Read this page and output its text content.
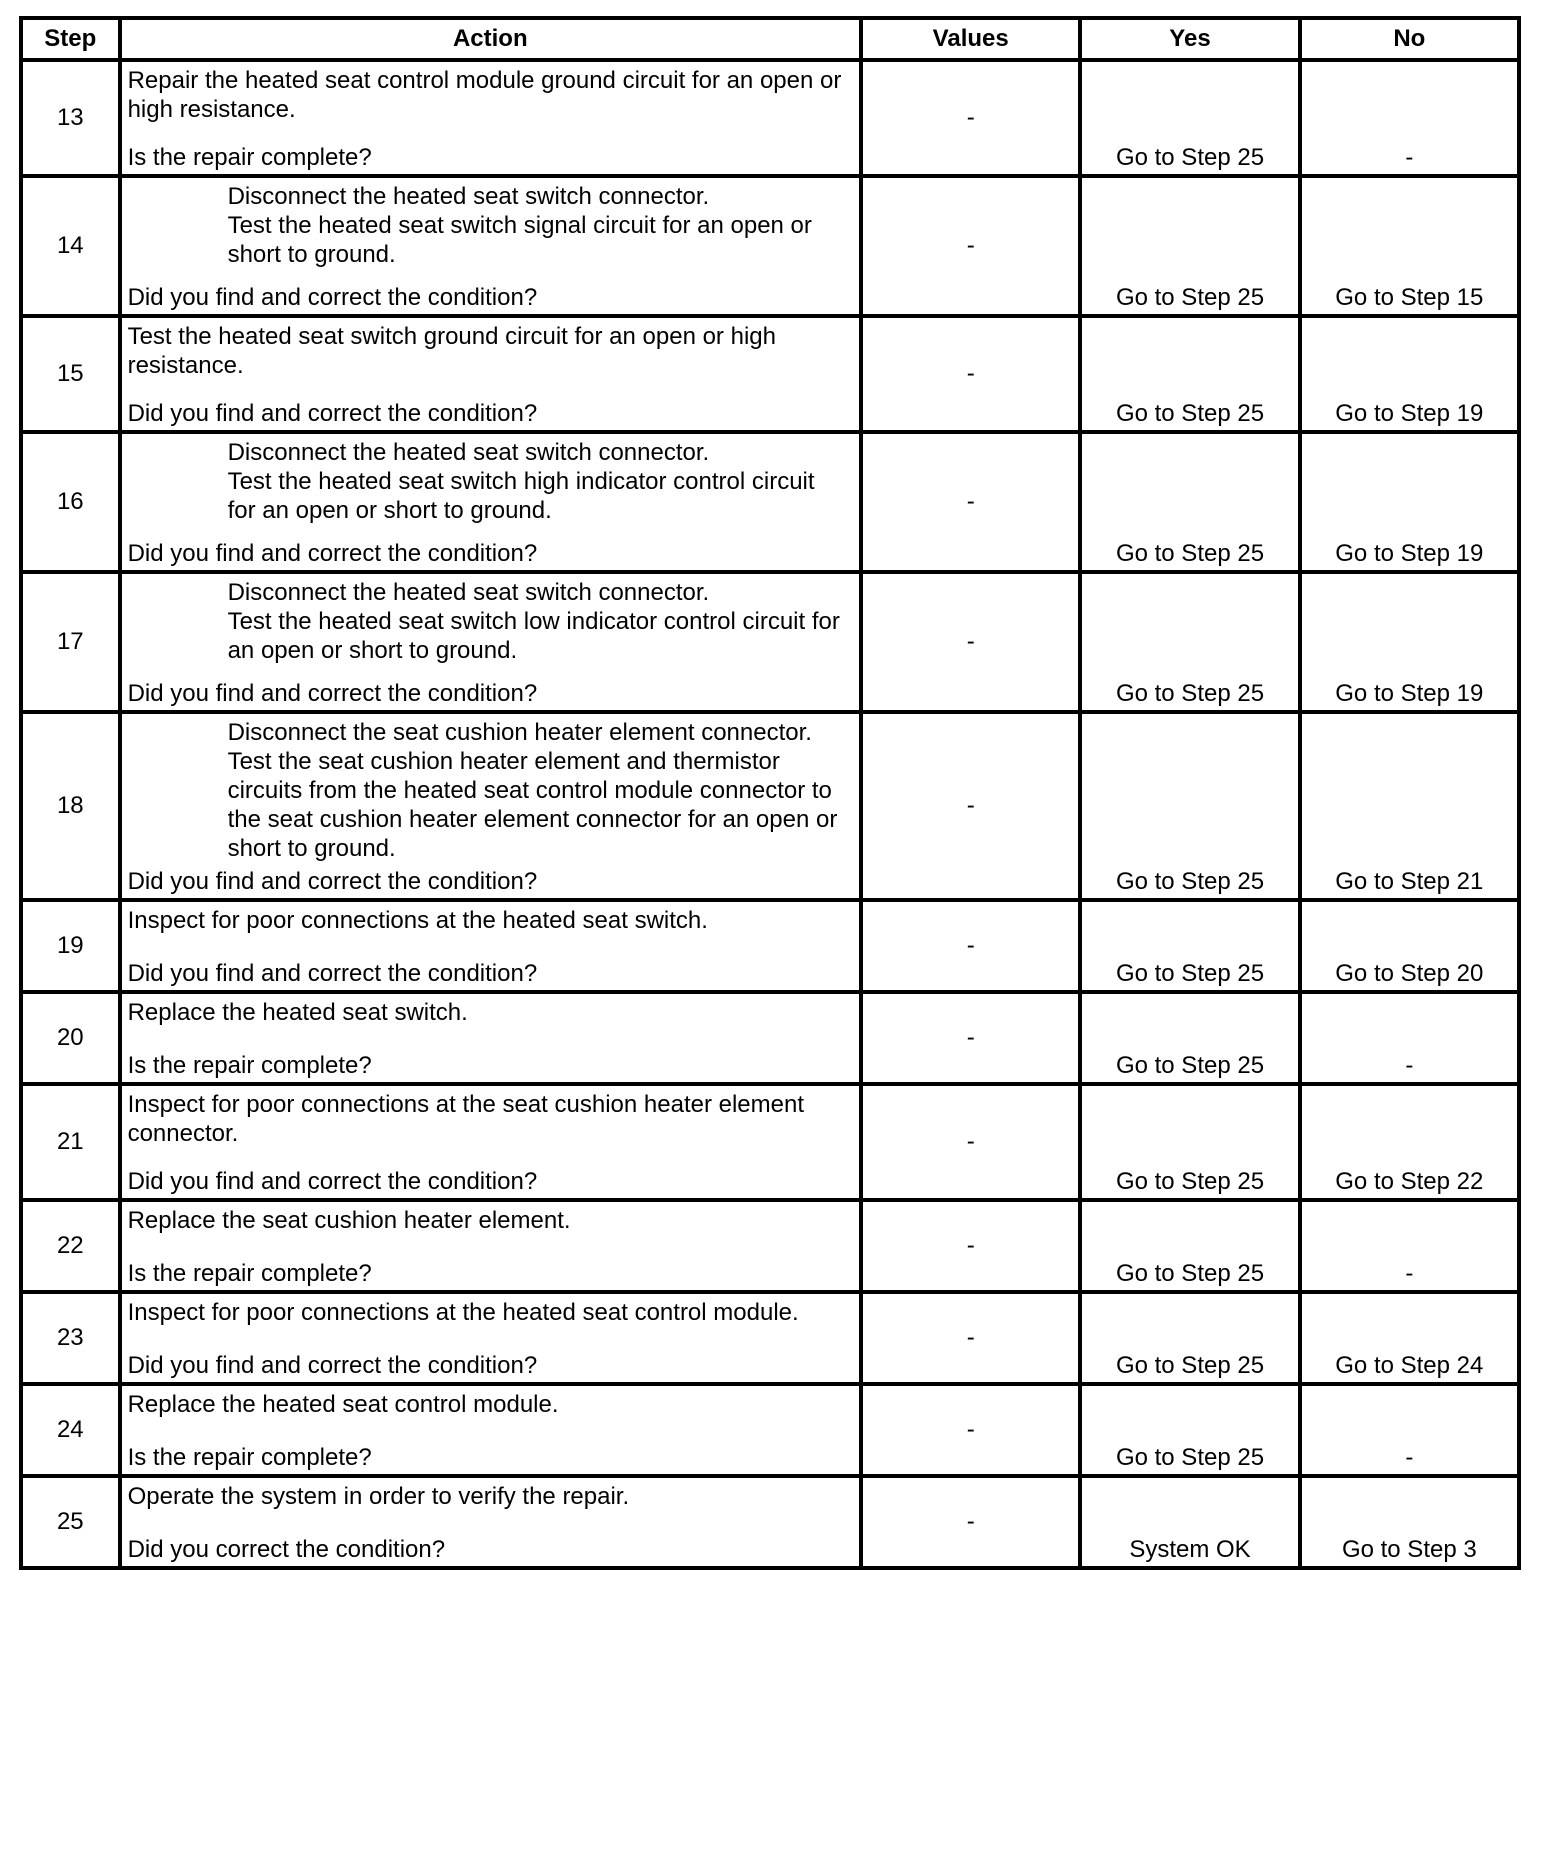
Step	Action	Values	Yes	No
13	Repair the heated seat control module ground circuit for an open or high resistance.
Is the repair complete?	-	Go to Step 25	-

14	Disconnect the heated seat switch connector.
Test the heated seat switch signal circuit for an open or short to ground.
Did you find and correct the condition?	-	Go to Step 25	Go to Step 15

15	Test the heated seat switch ground circuit for an open or high resistance.
Did you find and correct the condition?	-	Go to Step 25	Go to Step 19

16	Disconnect the heated seat switch connector.
Test the heated seat switch high indicator control circuit for an open or short to ground.
Did you find and correct the condition?	-	Go to Step 25	Go to Step 19

17	Disconnect the heated seat switch connector.
Test the heated seat switch low indicator control circuit for an open or short to ground.
Did you find and correct the condition?	-	Go to Step 25	Go to Step 19

18	Disconnect the seat cushion heater element connector.
Test the seat cushion heater element and thermistor circuits from the heated seat control module connector to the seat cushion heater element connector for an open or short to ground.
Did you find and correct the condition?	-	Go to Step 25	Go to Step 21

19	Inspect for poor connections at the heated seat switch.
Did you find and correct the condition?	-	Go to Step 25	Go to Step 20

20	Replace the heated seat switch.
Is the repair complete?	-	Go to Step 25	-

21	Inspect for poor connections at the seat cushion heater element connector.
Did you find and correct the condition?	-	Go to Step 25	Go to Step 22

22	Replace the seat cushion heater element.
Is the repair complete?	-	Go to Step 25	-

23	Inspect for poor connections at the heated seat control module.
Did you find and correct the condition?	-	Go to Step 25	Go to Step 24

24	Replace the heated seat control module.
Is the repair complete?	-	Go to Step 25	-

25	Operate the system in order to verify the repair.
Did you correct the condition?	-	System OK	Go to Step 3
